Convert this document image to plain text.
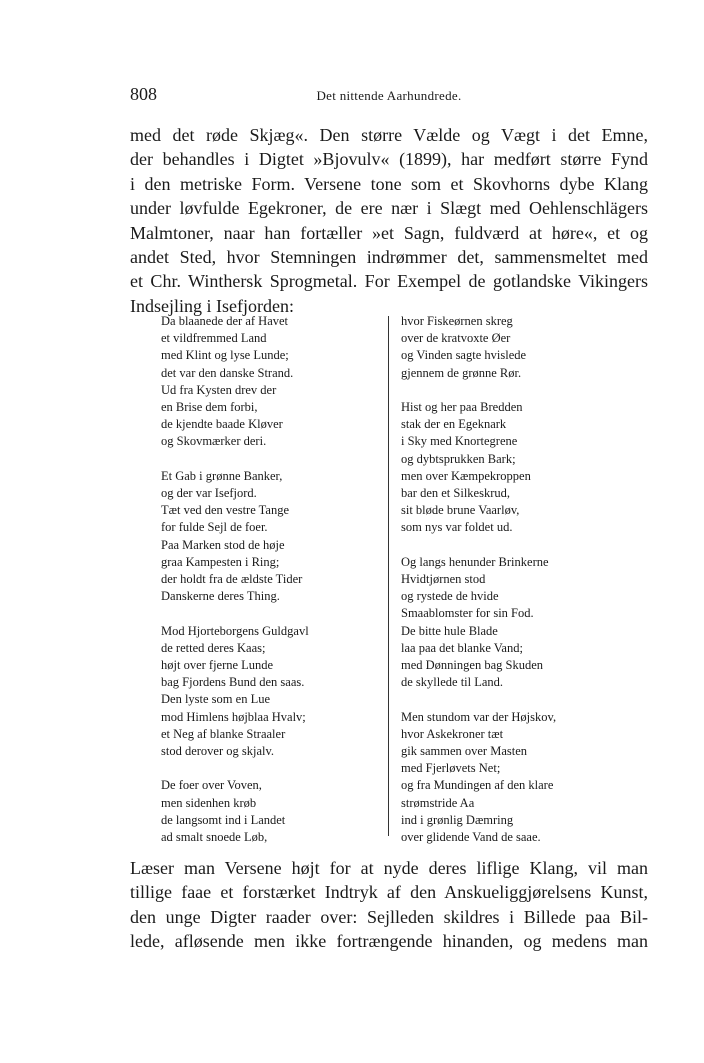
808	Det nittende Aarhundrede.
med det røde Skjæg«. Den større Vælde og Vægt i det Emne,
der behandles i Digtet »Bjovulv« (1899), har medført større Fynd
i den metriske Form. Versene tone som et Skovhorns dybe Klang
under løvfulde Egekroner, de ere nær i Slægt med Oehlenschlägers
Malmtoner, naar han fortæller »et Sagn, fuldværd at høre«, et og
andet Sted, hvor Stemningen indrømmer det, sammensmeltet med
et Chr. Winthersk Sprogmetal. For Exempel de gotlandske Vikingers
Indsejling i Isefjorden:
Da blaanede der af Havet
et vildfremmed Land
med Klint og lyse Lunde;
det var den danske Strand.
Ud fra Kysten drev der
en Brise dem forbi,
de kjendte baade Kløver
og Skovmærker deri.
Et Gab i grønne Banker,
og der var Isefjord.
Tæt ved den vestre Tange
for fulde Sejl de foer.
Paa Marken stod de høje
graa Kampesten i Ring;
der holdt fra de ældste Tider
Danskerne deres Thing.
Mod Hjorteborgens Guldgavl
de retted deres Kaas;
højt over fjerne Lunde
bag Fjordens Bund den saas.
Den lyste som en Lue
mod Himlens højblaa Hvalv;
et Neg af blanke Straaler
stod derover og skjalv.
De foer over Voven,
men sidenhen krøb
de langsomt ind i Landet
ad smalt snoede Løb,
hvor Fiskeørnen skreg
over de kratvoxte Øer
og Vinden sagte hvislede
gjennem de grønne Rør.
Hist og her paa Bredden
stak der en Egeknark
i Sky med Knortegrene
og dybtsprukken Bark;
men over Kæmpekroppen
bar den et Silkeskrud,
sit bløde brune Vaarløv,
som nys var foldet ud.
Og langs henunder Brinkerne
Hvidtjørnen stod
og rystede de hvide
Smaablomster for sin Fod.
De bitte hule Blade
laa paa det blanke Vand;
med Dønningen bag Skuden
de skyllede til Land.
Men stundom var der Højskov,
hvor Askekroner tæt
gik sammen over Masten
med Fjerløvets Net;
og fra Mundingen af den klare
strømstride Aa
ind i grønlig Dæmring
over glidende Vand de saae.
Læser man Versene højt for at nyde deres liflige Klang, vil man
tillige faae et forstærket Indtryk af den Anskueliggjørelsens Kunst,
den unge Digter raader over: Sejlleden skildres i Billede paa Bil-
lede, afløsende men ikke fortrængende hinanden, og medens man
